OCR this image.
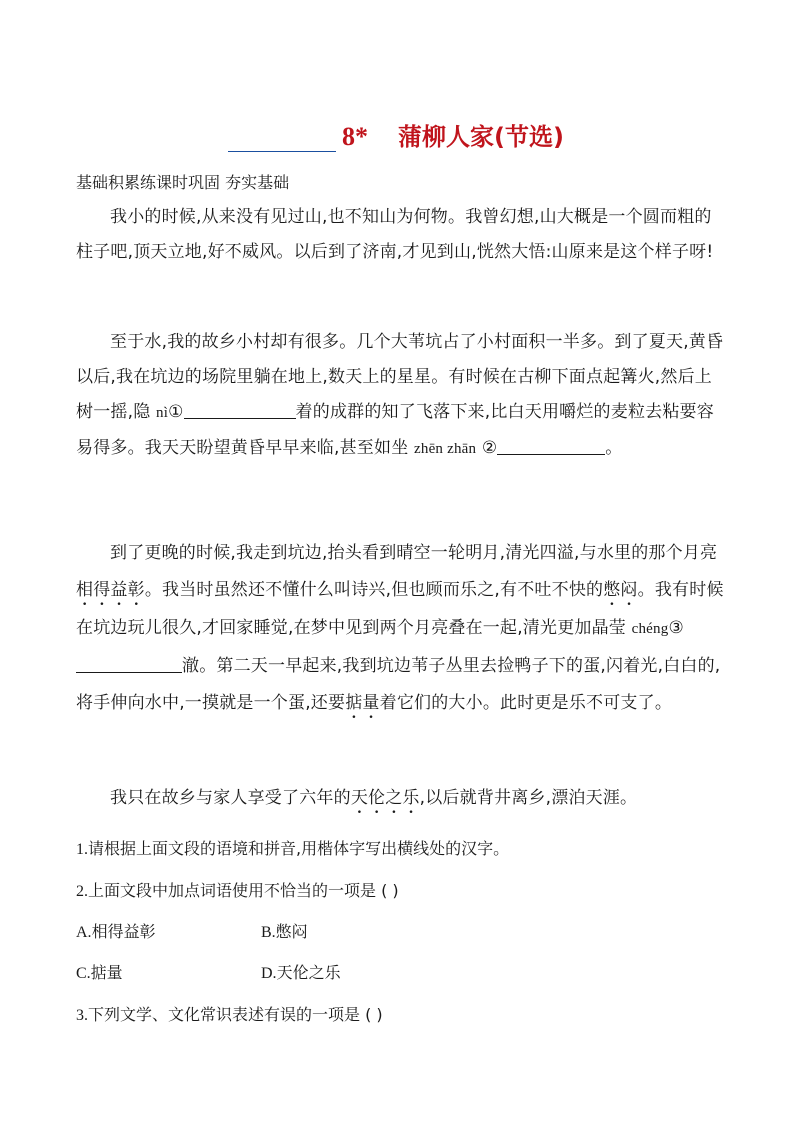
8* 蒲柳人家(节选)
基础积累练课时巩固 夯实基础
我小的时候,从来没有见过山,也不知山为何物。我曾幻想,山大概是一个圆而粗的柱子吧,顶天立地,好不威风。以后到了济南,才见到山,恍然大悟:山原来是这个样子呀!
至于水,我的故乡小村却有很多。几个大苇坑占了小村面积一半多。到了夏天,黄昏以后,我在坑边的场院里躺在地上,数天上的星星。有时候在古柳下面点起篝火,然后上树一摇,隐 nì①	着的成群的知了飞落下来,比白天用嚼烂的麦粒去粘要容易得多。我天天盼望黄昏早早来临,甚至如坐 zhēn zhān ②	。
到了更晚的时候,我走到坑边,抬头看到晴空一轮明月,清光四溢,与水里的那个月亮相得益彰。我当时虽然还不懂什么叫诗兴,但也顾而乐之,有不吐不快的憋闷。我有时候在坑边玩儿很久,才回家睡觉,在梦中见到两个月亮叠在一起,清光更加晶莹 chéng③澈。第二天一早起来,我到坑边苇子丛里去捡鸭子下的蛋,闪着光,白白的,将手伸向水中,一摸就是一个蛋,还要掂量着它们的大小。此时更是乐不可支了。
我只在故乡与家人享受了六年的天伦之乐,以后就背井离乡,漂泊天涯。
1.请根据上面文段的语境和拼音,用楷体字写出横线处的汉字。
2.上面文段中加点词语使用不恰当的一项是 ( )
A.相得益彰	B.憋闷
C.掂量	D.天伦之乐
3.下列文学、文化常识表述有误的一项是 ( )
